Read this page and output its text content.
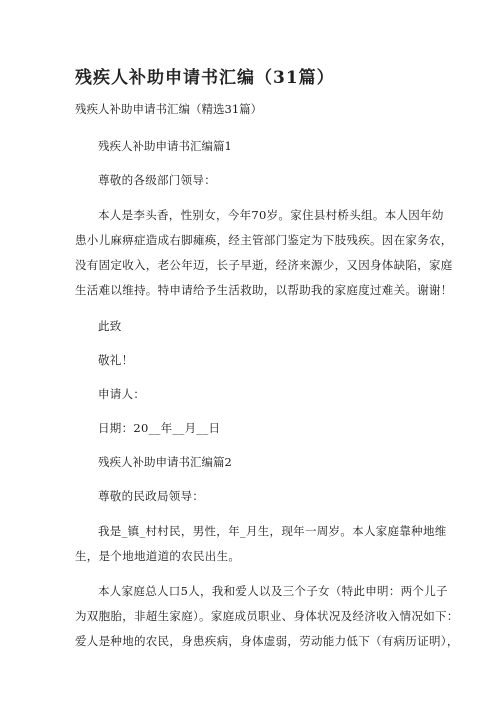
残疾人补助申请书汇编（31篇）

残疾人补助申请书汇编（精选31篇）

残疾人补助申请书汇编篇1

尊敬的各级部门领导：

本人是李头香，性别女，今年70岁。家住县村桥头组。本人因年幼

患小儿麻痹症造成右脚瘫痪，经主管部门鉴定为下肢残疾。因在家务农，

没有固定收入，老公年迈，长子早逝，经济来源少，又因身体缺陷，家庭

生活难以维持。特申请给予生活救助，以帮助我的家庭度过难关。谢谢！

此致

敬礼！

申请人：

日期：20__年__月__日

残疾人补助申请书汇编篇2

尊敬的民政局领导：

我是_镇_村村民，男性，年_月生，现年一周岁。本人家庭靠种地维

生，是个地地道道的农民出生。

本人家庭总人口5人，我和爱人以及三个子女（特此申明：两个儿子

为双胞胎，非超生家庭）。家庭成员职业、身体状况及经济收入情况如下：

爱人是种地的农民，身患疾病，身体虚弱，劳动能力低下（有病历证明），
